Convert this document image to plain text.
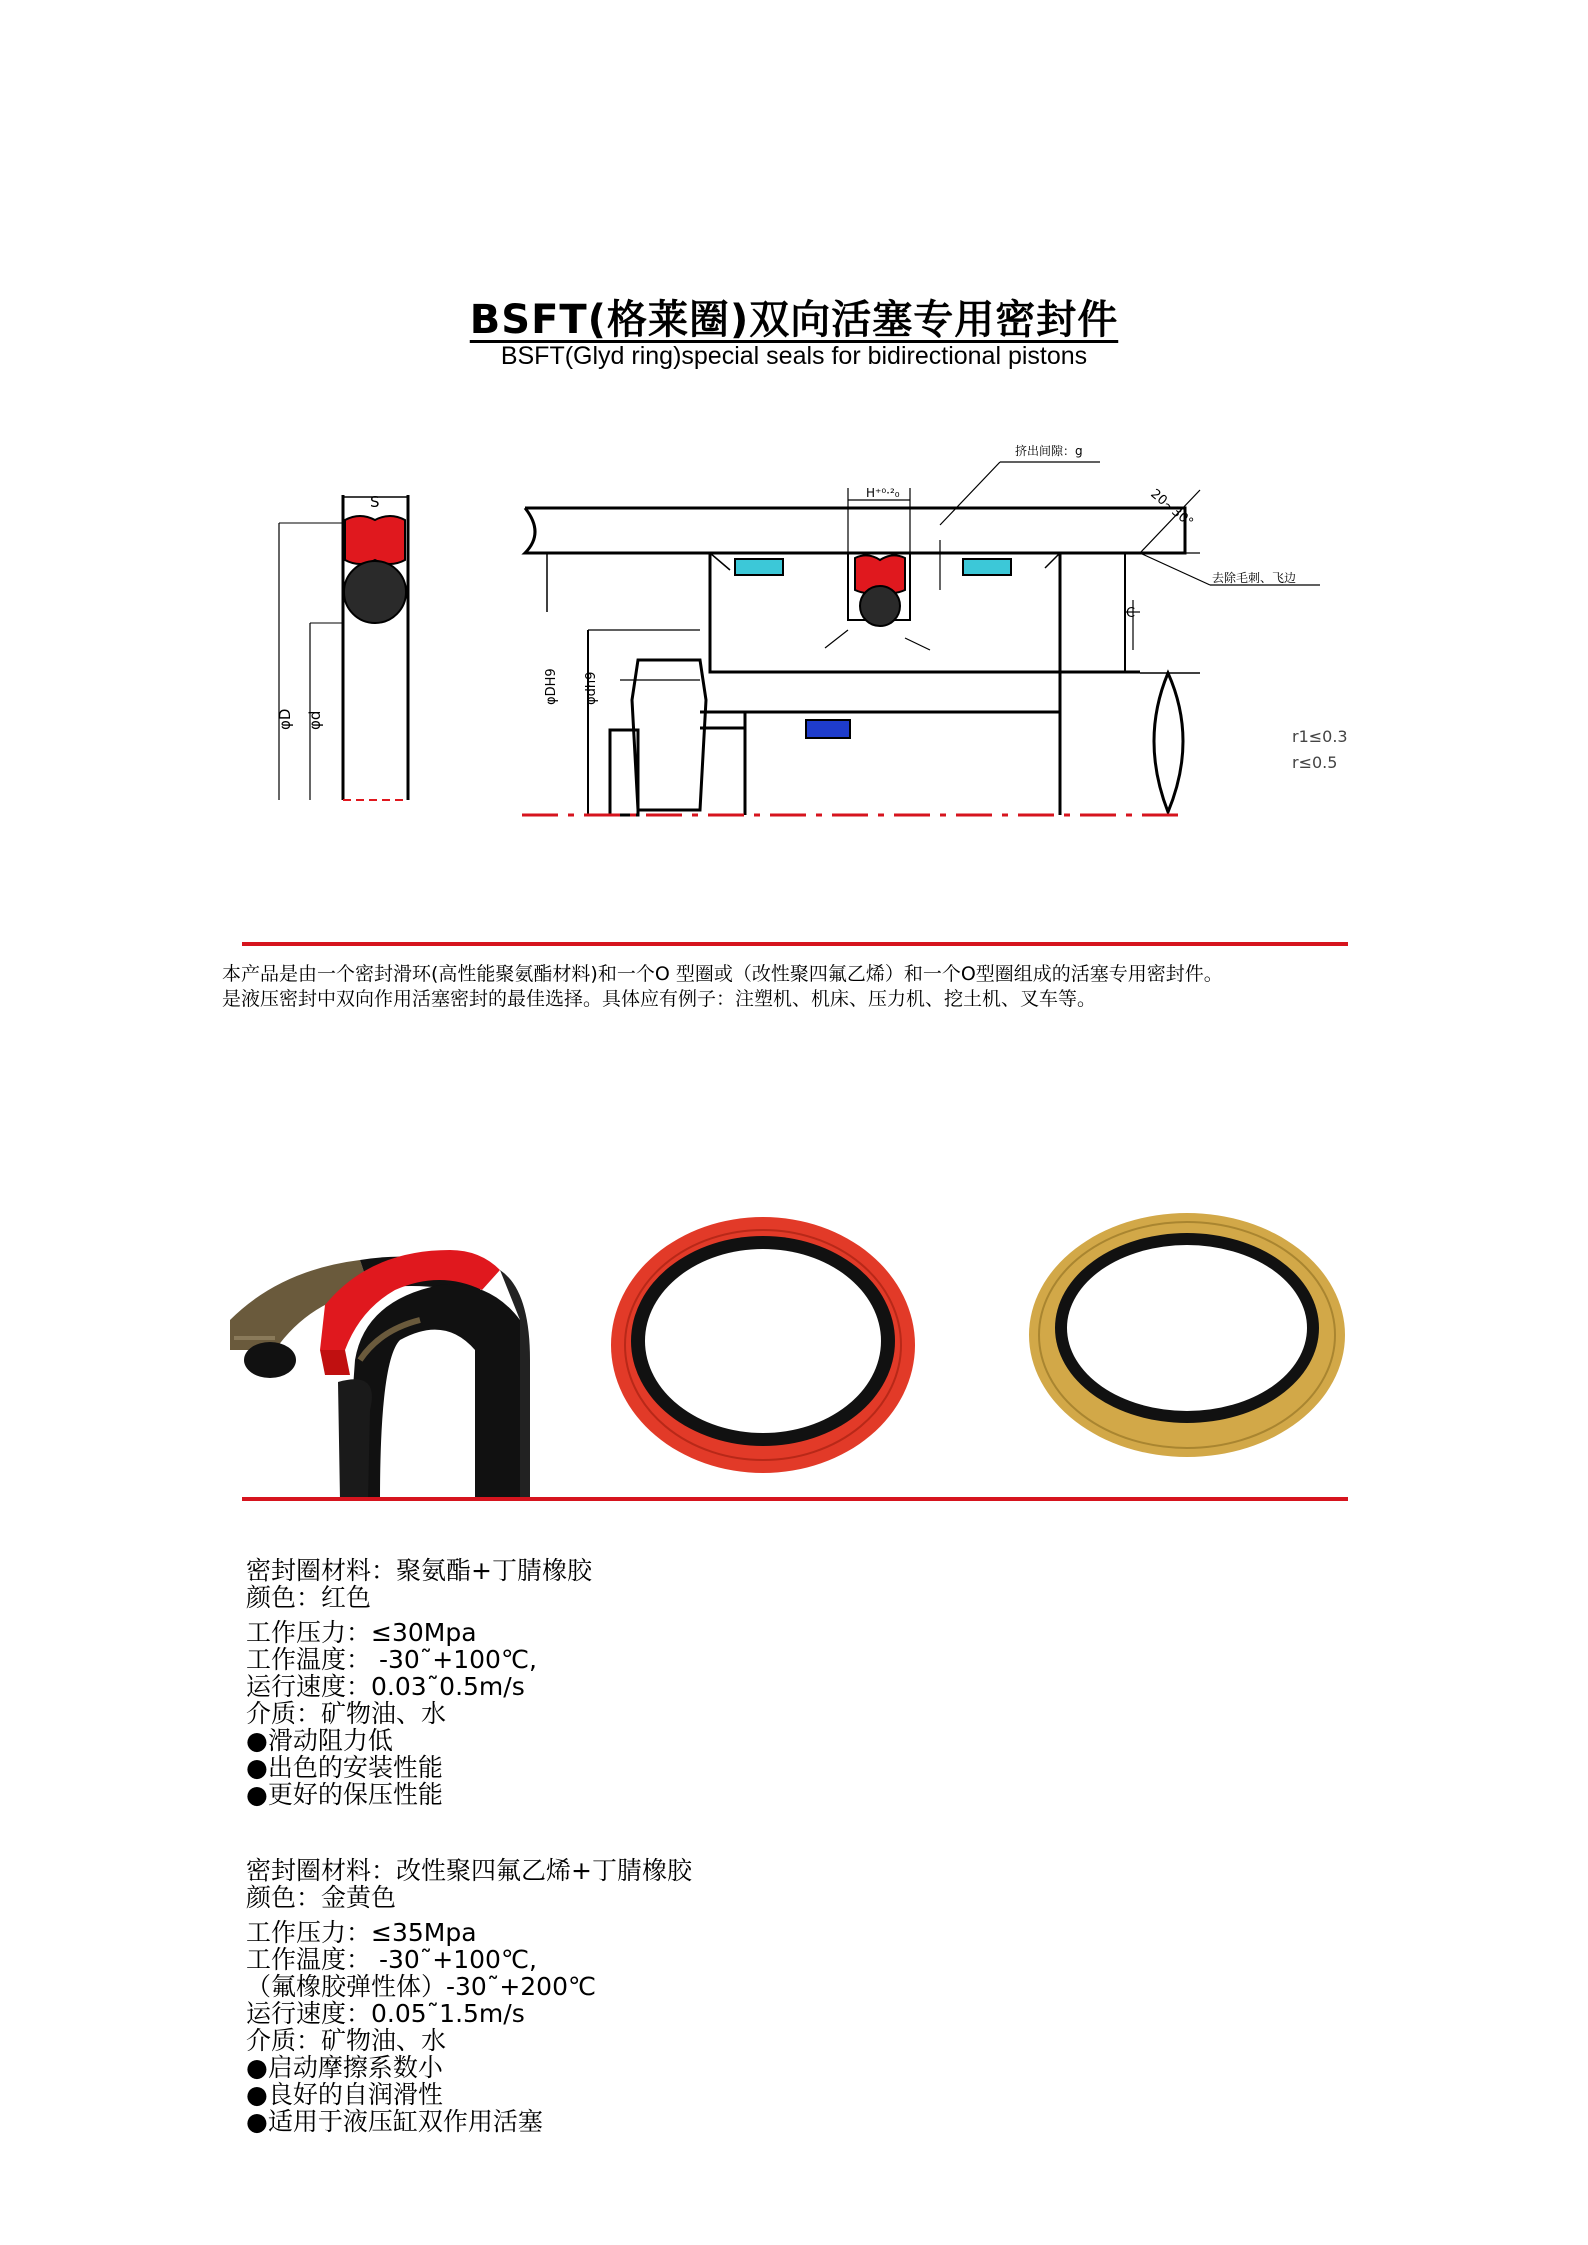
BSFT(格莱圈)双向活塞专用密封件
BSFT(Glyd ring)special seals for bidirectional pistons
S
φD φd
挤出间隙：g
H⁺⁰·²₀	20~30°
去除毛刺、飞边
C
φDH9 φdh9
r1≤0.3
r≤0.5
本产品是由一个密封滑环(高性能聚氨酯材料)和一个O 型圈或（改性聚四氟乙烯）和一个O型圈组成的活塞专用密封件。
是液压密封中双向作用活塞密封的最佳选择。具体应有例子：注塑机、机床、压力机、挖土机、叉车等。
密封圈材料：聚氨酯+丁腈橡胶
颜色：红色
工作压力：≤30Mpa
工作温度： -30˜+100℃,
运行速度：0.03˜0.5m/s
介质：矿物油、水
●滑动阻力低
●出色的安装性能
●更好的保压性能
密封圈材料：改性聚四氟乙烯+丁腈橡胶
颜色：金黄色
工作压力：≤35Mpa
工作温度： -30˜+100℃,
（氟橡胶弹性体）-30˜+200℃
运行速度：0.05˜1.5m/s
介质：矿物油、水
●启动摩擦系数小
●良好的自润滑性
●适用于液压缸双作用活塞
